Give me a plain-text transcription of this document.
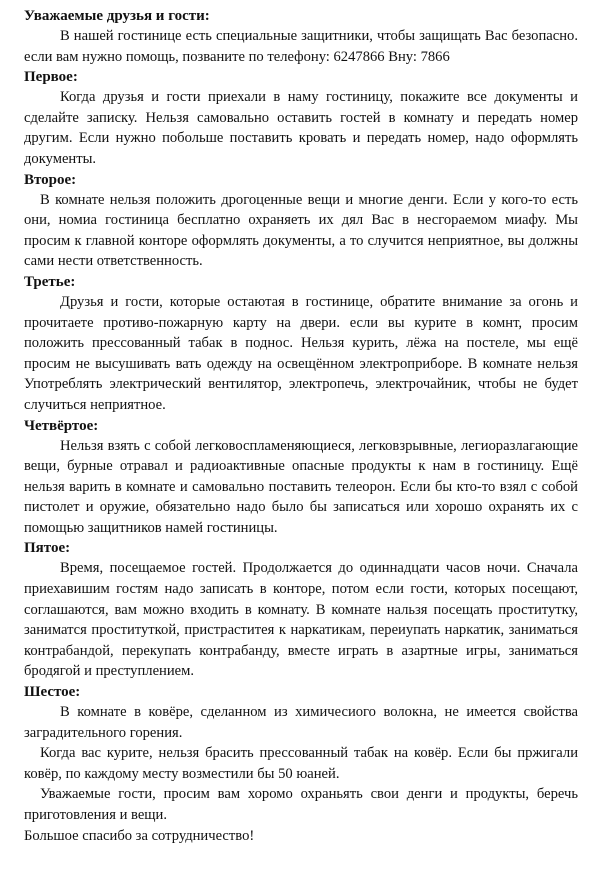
Уважаемые друзья и гости:

В нашей гостинице есть специальные защитники, чтобы защищать Вас безопасно. если вам нужно помощь, позваните по телефону: 6247866 Вну: 7866

Первое:

Когда друзья и гости приехали в наму гостиницу, покажите все документы и сделайте записку. Нельзя самовально оставить гостей в комнату и передать номер другим. Если нужно побольше поставить кровать и передать номер, надо оформлять документы.

Второе:

В комнате нельзя положить дрогоценные вещи и многие денги. Если у кого-то есть они, номиа гостиница бесплатно охраняеть их дял Вас в несгораемом миафу. Мы просим к главной конторе оформлять документы, а то случится неприятное, вы должны сами нести ответственность.

Третье:

Друзья и гости, которые остаютая в гостинице, обратите внимание за огонь и прочитаете противо-пожарную карту на двери. если вы курите в комнт, просим положить прессованный табак в поднос. Нельзя курить, лёжа на постеле, мы ещё просим не высушивать вать одежду на освещённом электроприборе. В комнате нельзя Употреблять электрический вентилятор, электропечь, электрочайник, чтобы не будет случиться неприятное.

Четвёртое:

Нельзя взять с собой легковоспламеняющиеся, легковзрывные, легиоразлагающие вещи, бурные отравал и радиоактивные опасные продукты к нам в гостиницу. Ещё нельзя варить в комнате и самовально поставить телеорон. Если бы кто-то взял с собой пистолет и оружие, обязательно надо было бы записаться или хорошо охранять их с помощью защитников намей гостиницы.

Пятое:

Время, посещаемое гостей. Продолжается до одиннадцати часов ночи. Сначала приехавишим гостям надо записать в конторе, потом если гости, которых посещают, соглашаются, вам можно входить в комнату. В комнате нальзя посещать проститутку, заниматся проституткой, пристраститея к наркатикам, переиупать наркатик, заниматься контрабандой, перекупать контрабанду, вместе играть в азартные игры, заниматься бродягой и преступлением.

Шестое:

В комнате в ковёре, сделанном из химичесиого волокна, не имеется свойства заградительного горения.

Когда вас курите, нельзя брасить прессованный табак на ковёр. Если бы пржигали ковёр, по каждому месту возместили бы 50 юаней.

Уважаемые гости, просим вам хоромо охраньять свои денги и продукты, беречь приготовления и вещи.

Большое спасибо за сотрудничество!
